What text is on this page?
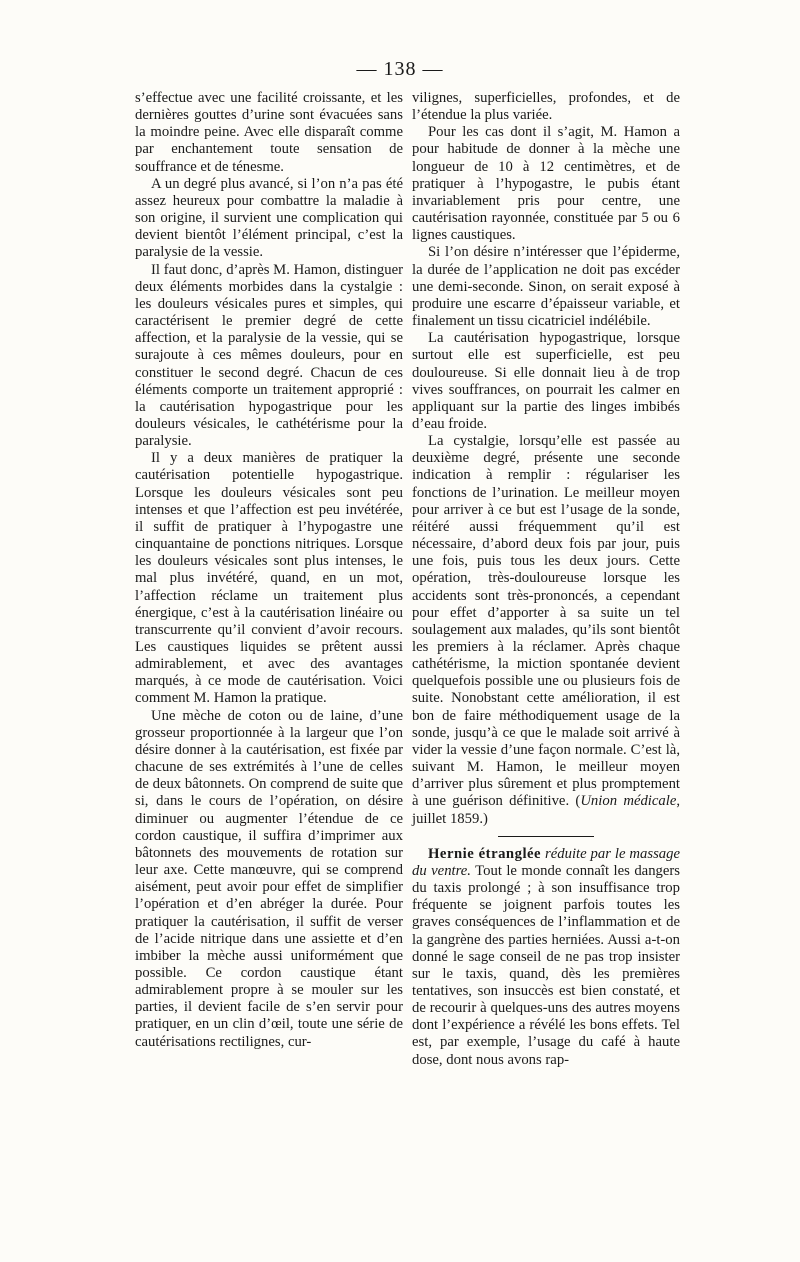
— 138 —

s’effectue avec une facilité croissante, et les dernières gouttes d’urine sont évacuées sans la moindre peine. Avec elle disparaît comme par enchantement toute sensation de souffrance et de ténesme.

A un degré plus avancé, si l’on n’a pas été assez heureux pour combattre la maladie à son origine, il survient une complication qui devient bientôt l’élément principal, c’est la paralysie de la vessie.

Il faut donc, d’après M. Hamon, distinguer deux éléments morbides dans la cystalgie : les douleurs vésicales pures et simples, qui caractérisent le premier degré de cette affection, et la paralysie de la vessie, qui se surajoute à ces mêmes douleurs, pour en constituer le second degré. Chacun de ces éléments comporte un traitement approprié : la cautérisation hypogastrique pour les douleurs vésicales, le cathétérisme pour la paralysie.

Il y a deux manières de pratiquer la cautérisation potentielle hypogastrique. Lorsque les douleurs vésicales sont peu intenses et que l’affection est peu invétérée, il suffit de pratiquer à l’hypogastre une cinquantaine de ponctions nitriques. Lorsque les douleurs vésicales sont plus intenses, le mal plus invétéré, quand, en un mot, l’affection réclame un traitement plus énergique, c’est à la cautérisation linéaire ou transcurrente qu’il convient d’avoir recours. Les caustiques liquides se prêtent aussi admirablement, et avec des avantages marqués, à ce mode de cautérisation. Voici comment M. Hamon la pratique.

Une mèche de coton ou de laine, d’une grosseur proportionnée à la largeur que l’on désire donner à la cautérisation, est fixée par chacune de ses extrémités à l’une de celles de deux bâtonnets. On comprend de suite que si, dans le cours de l’opération, on désire diminuer ou augmenter l’étendue de ce cordon caustique, il suffira d’imprimer aux bâtonnets des mouvements de rotation sur leur axe. Cette manœuvre, qui se comprend aisément, peut avoir pour effet de simplifier l’opération et d’en abréger la durée. Pour pratiquer la cautérisation, il suffit de verser de l’acide nitrique dans une assiette et d’en imbiber la mèche aussi uniformément que possible. Ce cordon caustique étant admirablement propre à se mouler sur les parties, il devient facile de s’en servir pour pratiquer, en un clin d’œil, toute une série de cautérisations rectilignes, cur-

vilignes, superficielles, profondes, et de l’étendue la plus variée.

Pour les cas dont il s’agit, M. Hamon a pour habitude de donner à la mèche une longueur de 10 à 12 centimètres, et de pratiquer à l’hypogastre, le pubis étant invariablement pris pour centre, une cautérisation rayonnée, constituée par 5 ou 6 lignes caustiques.

Si l’on désire n’intéresser que l’épiderme, la durée de l’application ne doit pas excéder une demi-seconde. Sinon, on serait exposé à produire une escarre d’épaisseur variable, et finalement un tissu cicatriciel indélébile.

La cautérisation hypogastrique, lorsque surtout elle est superficielle, est peu douloureuse. Si elle donnait lieu à de trop vives souffrances, on pourrait les calmer en appliquant sur la partie des linges imbibés d’eau froide.

La cystalgie, lorsqu’elle est passée au deuxième degré, présente une seconde indication à remplir : régulariser les fonctions de l’urination. Le meilleur moyen pour arriver à ce but est l’usage de la sonde, réitéré aussi fréquemment qu’il est nécessaire, d’abord deux fois par jour, puis une fois, puis tous les deux jours. Cette opération, très-douloureuse lorsque les accidents sont très-prononcés, a cependant pour effet d’apporter à sa suite un tel soulagement aux malades, qu’ils sont bientôt les premiers à la réclamer. Après chaque cathétérisme, la miction spontanée devient quelquefois possible une ou plusieurs fois de suite. Nonobstant cette amélioration, il est bon de faire méthodiquement usage de la sonde, jusqu’à ce que le malade soit arrivé à vider la vessie d’une façon normale. C’est là, suivant M. Hamon, le meilleur moyen d’arriver plus sûrement et plus promptement à une guérison définitive. (Union médicale, juillet 1859.)

Hernie étranglée réduite par le massage du ventre. Tout le monde connaît les dangers du taxis prolongé ; à son insuffisance trop fréquente se joignent parfois toutes les graves conséquences de l’inflammation et de la gangrène des parties herniées. Aussi a-t-on donné le sage conseil de ne pas trop insister sur le taxis, quand, dès les premières tentatives, son insuccès est bien constaté, et de recourir à quelques-uns des autres moyens dont l’expérience a révélé les bons effets. Tel est, par exemple, l’usage du café à haute dose, dont nous avons rap-
